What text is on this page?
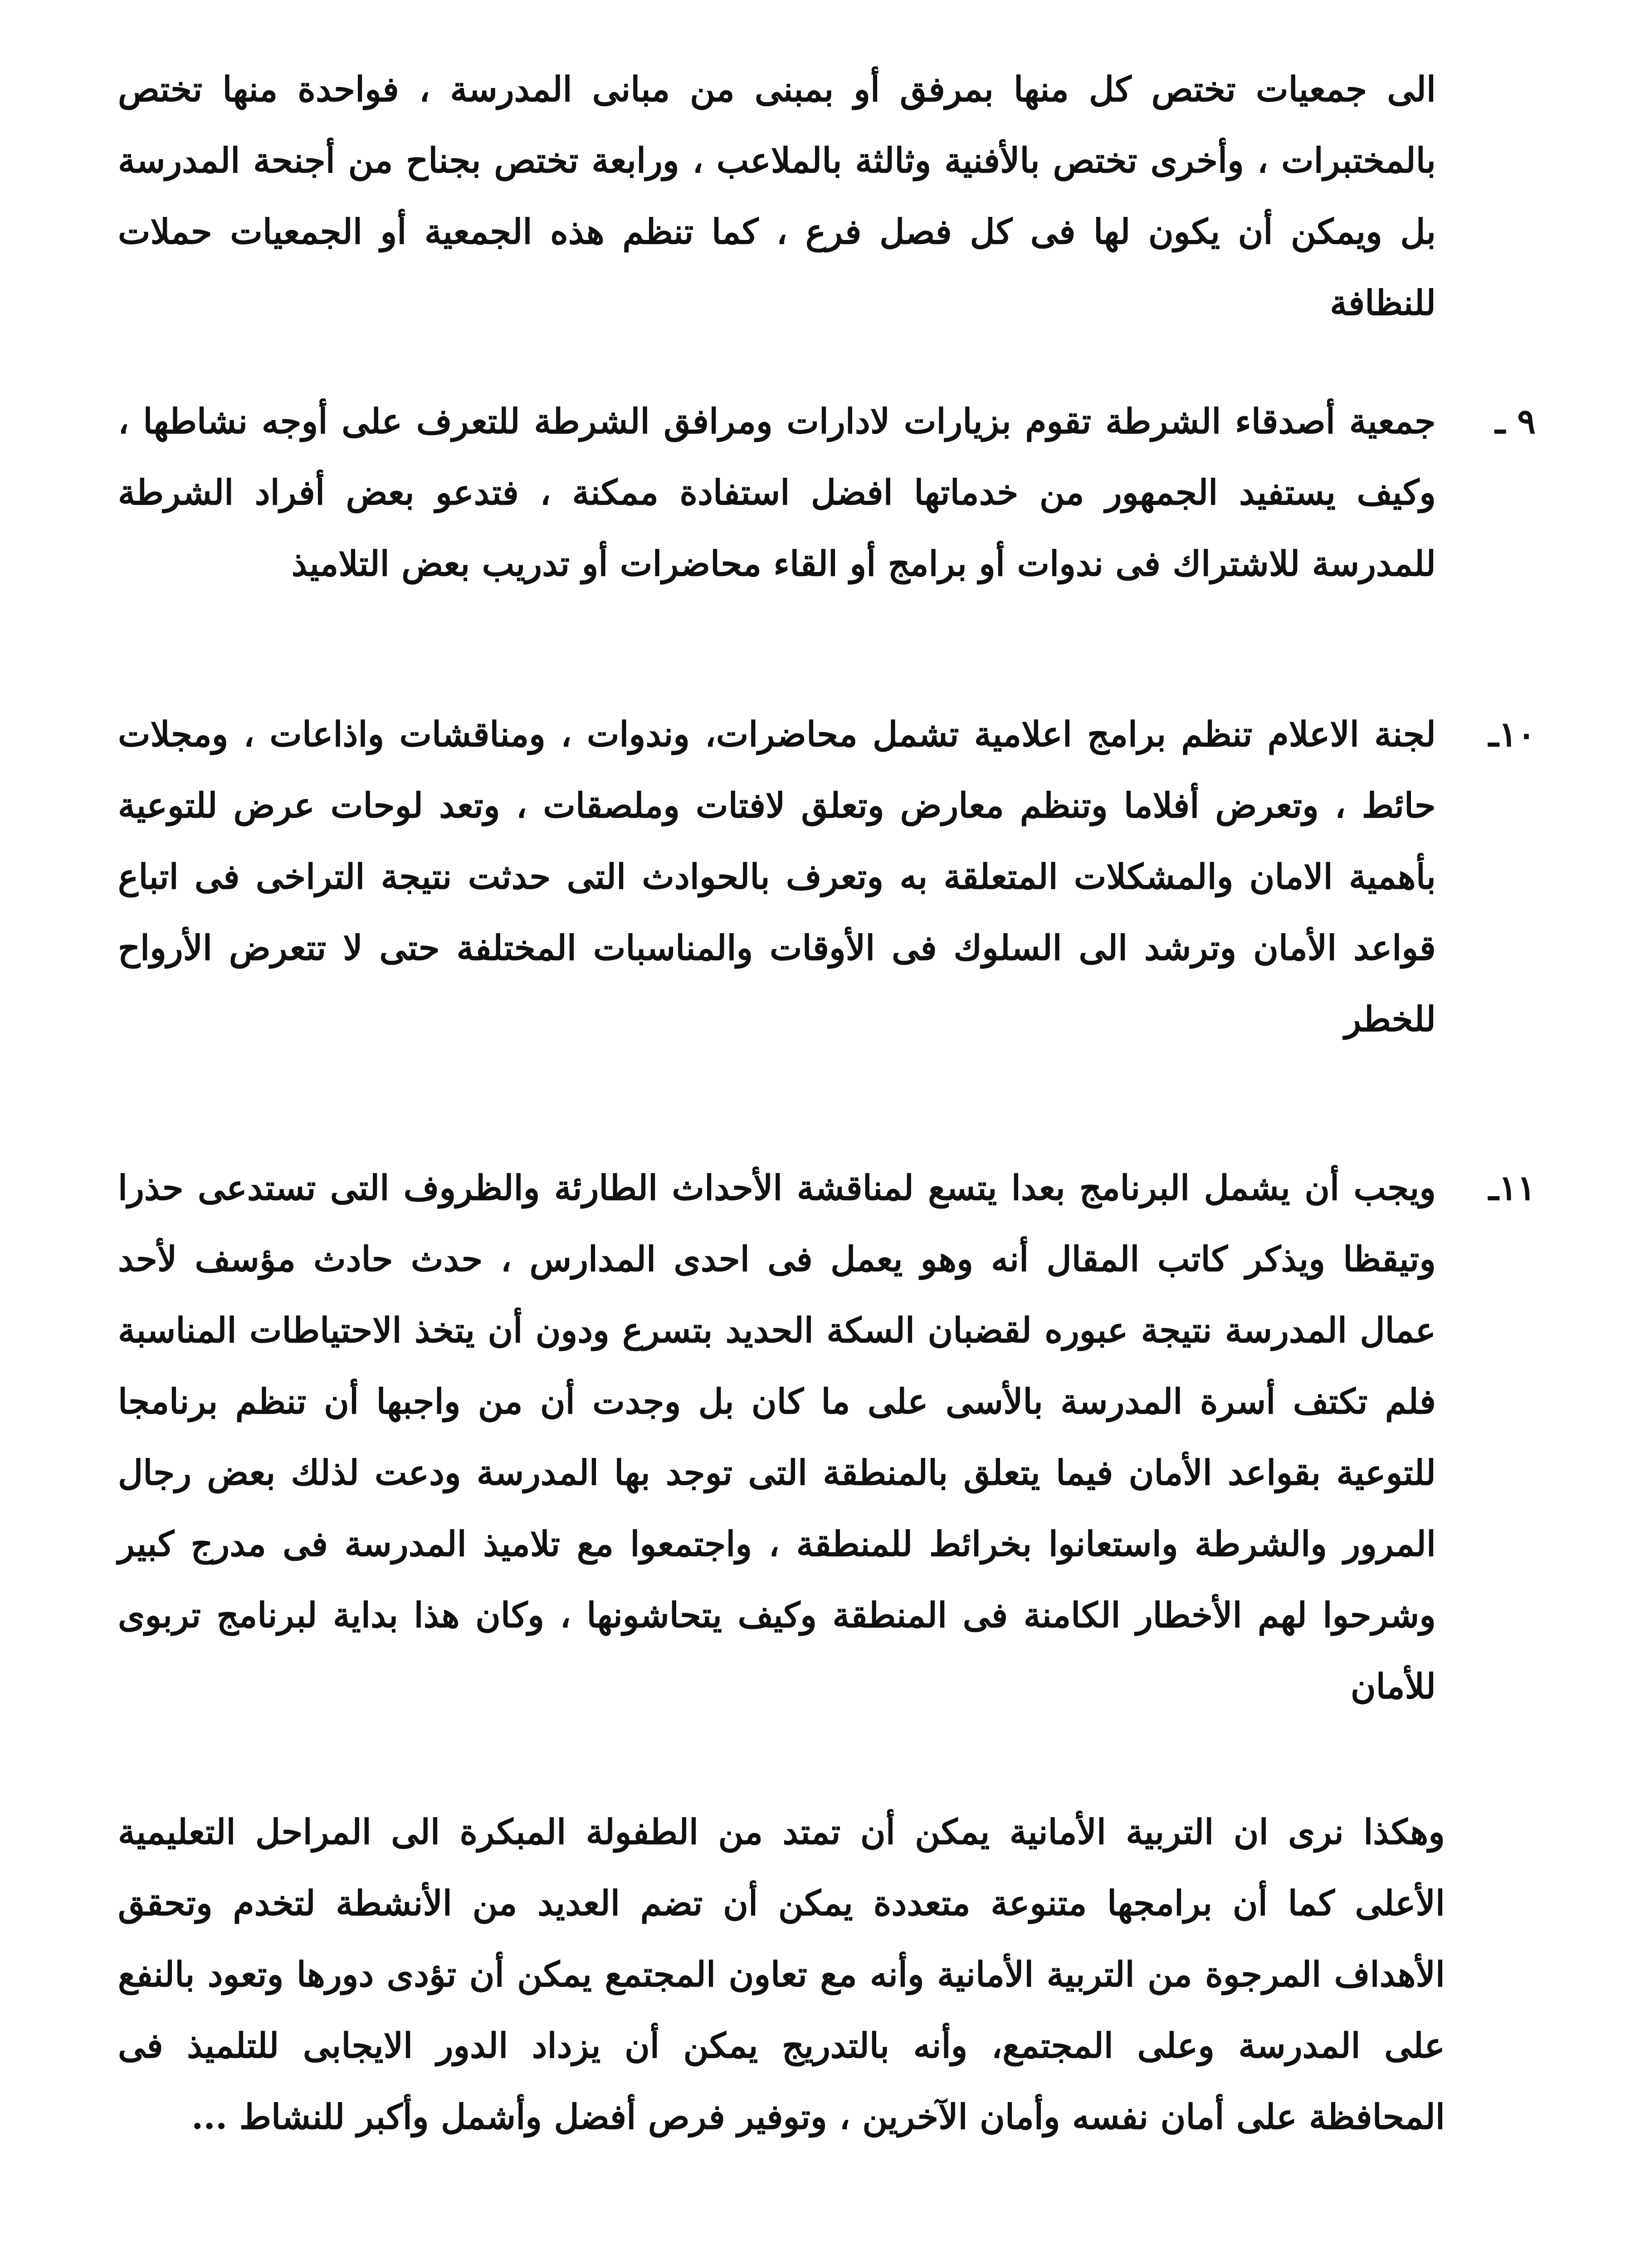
الى جمعيات تختص كل منها بمرفق أو بمبنى من مبانى المدرسة ، فواحدة منها تختص بالمختبرات ، وأخرى تختص بالأفنية وثالثة بالملاعب ، ورابعة تختص بجناح من أجنحة المدرسة بل ويمكن أن يكون لها فى كل فصل فرع ، كما تنظم هذه الجمعية أو الجمعيات حملات للنظافة

٩ ـ
جمعية أصدقاء الشرطة تقوم بزيارات لادارات ومرافق الشرطة للتعرف على أوجه نشاطها ، وكيف يستفيد الجمهور من خدماتها افضل استفادة ممكنة ، فتدعو بعض أفراد الشرطة للمدرسة للاشتراك فى ندوات أو برامج أو القاء محاضرات أو تدريب بعض التلاميذ
١٠ـ
لجنة الاعلام تنظم برامج اعلامية تشمل محاضرات، وندوات ، ومناقشات واذاعات ، ومجلات حائط ، وتعرض أفلاما وتنظم معارض وتعلق لافتات وملصقات ، وتعد لوحات عرض للتوعية بأهمية الامان والمشكلات المتعلقة به وتعرف بالحوادث التى حدثت نتيجة التراخى فى اتباع قواعد الأمان وترشد الى السلوك فى الأوقات والمناسبات المختلفة حتى لا تتعرض الأرواح للخطر
١١ـ
ويجب أن يشمل البرنامج بعدا يتسع لمناقشة الأحداث الطارئة والظروف التى تستدعى حذرا وتيقظا ويذكر كاتب المقال أنه وهو يعمل فى احدى المدارس ، حدث حادث مؤسف لأحد عمال المدرسة نتيجة عبوره لقضبان السكة الحديد بتسرع ودون أن يتخذ الاحتياطات المناسبة فلم تكتف أسرة المدرسة بالأسى على ما كان بل وجدت أن من واجبها أن تنظم برنامجا للتوعية بقواعد الأمان فيما يتعلق بالمنطقة التى توجد بها المدرسة ودعت لذلك بعض رجال المرور والشرطة واستعانوا بخرائط للمنطقة ، واجتمعوا مع تلاميذ المدرسة فى مدرج كبير وشرحوا لهم الأخطار الكامنة فى المنطقة وكيف يتحاشونها ، وكان هذا بداية لبرنامج تربوى للأمان

وهكذا نرى ان التربية الأمانية يمكن أن تمتد من الطفولة المبكرة الى المراحل التعليمية الأعلى كما أن برامجها متنوعة متعددة يمكن أن تضم العديد من الأنشطة لتخدم وتحقق الأهداف المرجوة من التربية الأمانية وأنه مع تعاون المجتمع يمكن أن تؤدى دورها وتعود بالنفع على المدرسة وعلى المجتمع، وأنه بالتدريج يمكن أن يزداد الدور الايجابى للتلميذ فى المحافظة على أمان نفسه وأمان الآخرين ، وتوفير فرص أفضل وأشمل وأكبر للنشاط ...
